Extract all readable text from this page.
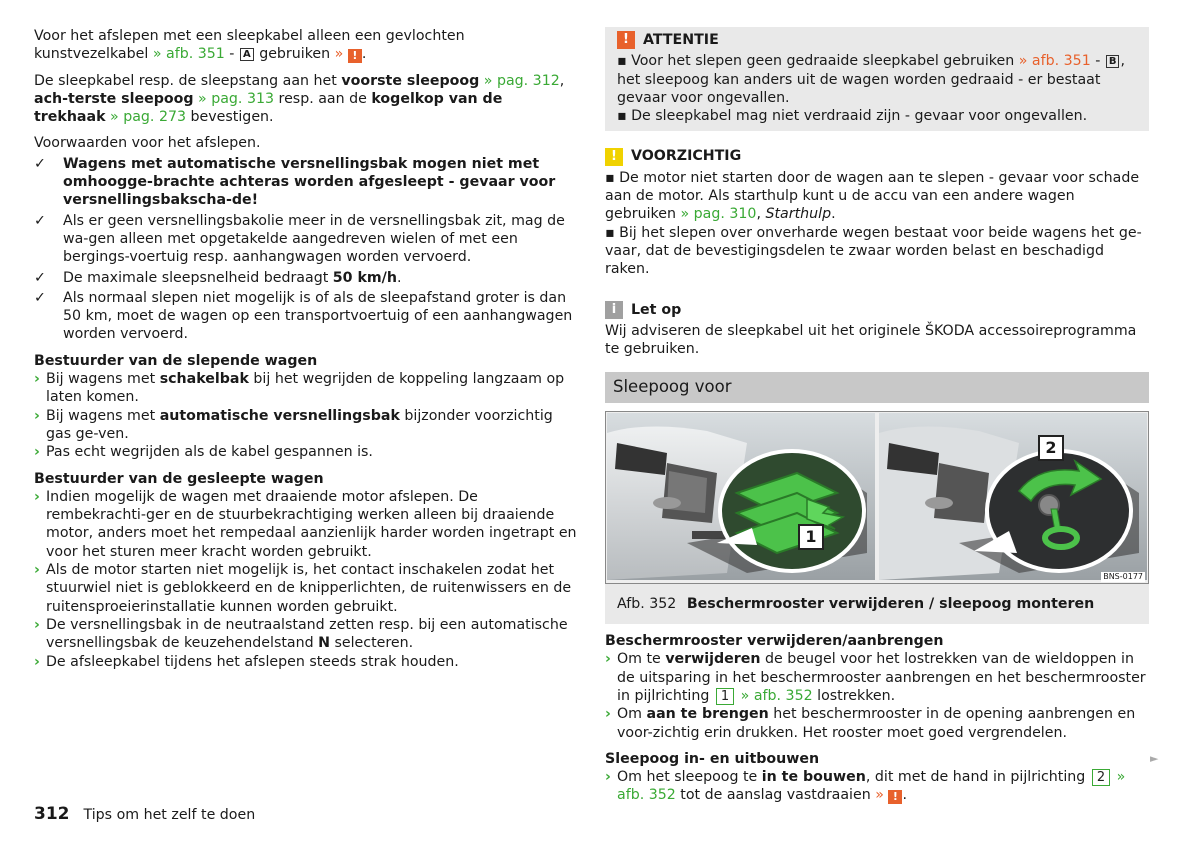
Voor het afslepen met een sleepkabel alleen een gevlochten kunstvezelkabel » afb. 351 - A gebruiken » ! .

De sleepkabel resp. de sleepstang aan het voorste sleepoog » pag. 312, ach-terste sleepoog » pag. 313 resp. aan de kogelkop van de trekhaak » pag. 273 bevestigen.

Voorwaarden voor het afslepen.

✓ Wagens met automatische versnellingsbak mogen niet met omhoogge-brachte achteras worden afgesleept - gevaar voor versnellingsbakscha-de!
✓ Als er geen versnellingsbakolie meer in de versnellingsbak zit, mag de wa-gen alleen met opgetakelde aangedreven wielen of met een bergings-voertuig resp. aanhangwagen worden vervoerd.
✓ De maximale sleepsnelheid bedraagt 50 km/h.
✓ Als normaal slepen niet mogelijk is of als de sleepafstand groter is dan 50 km, moet de wagen op een transportvoertuig of een aanhangwagen worden vervoerd.
Bestuurder van de slepende wagen
› Bij wagens met schakelbak bij het wegrijden de koppeling langzaam op laten komen.
› Bij wagens met automatische versnellingsbak bijzonder voorzichtig gas ge-ven.
› Pas echt wegrijden als de kabel gespannen is.
Bestuurder van de gesleepte wagen
› Indien mogelijk de wagen met draaiende motor afslepen. De rembekrachti-ger en de stuurbekrachtiging werken alleen bij draaiende motor, anders moet het rempedaal aanzienlijk harder worden ingetrapt en voor het sturen meer kracht worden gebruikt.
› Als de motor starten niet mogelijk is, het contact inschakelen zodat het stuurwiel niet is geblokkeerd en de knipperlichten, de ruitenwissers en de ruitensproeierinstallatie kunnen worden gebruikt.
› De versnellingsbak in de neutraalstand zetten resp. bij een automatische versnellingsbak de keuzehendelstand N selecteren.
› De afsleepkabel tijdens het afslepen steeds strak houden.
! ATTENTIE
▪ Voor het slepen geen gedraaide sleepkabel gebruiken » afb. 351 - B , het sleepoog kan anders uit de wagen worden gedraaid - er bestaat gevaar voor ongevallen.
▪ De sleepkabel mag niet verdraaid zijn - gevaar voor ongevallen.
! VOORZICHTIG
▪ De motor niet starten door de wagen aan te slepen - gevaar voor schade aan de motor. Als starthulp kunt u de accu van een andere wagen gebruiken » pag. 310, Starthulp.
▪ Bij het slepen over onverharde wegen bestaat voor beide wagens het ge-vaar, dat de bevestigingsdelen te zwaar worden belast en beschadigd raken.
i	Let op
Wij adviseren de sleepkabel uit het originele ŠKODA accessoireprogramma te gebruiken.
Sleepoog voor
1
2
BNS-0177
Afb. 352 Beschermrooster verwijderen / sleepoog monteren
Beschermrooster verwijderen/aanbrengen
› Om te verwijderen de beugel voor het lostrekken van de wieldoppen in de uitsparing in het beschermrooster aanbrengen en het beschermrooster in pijlrichting 1 » afb. 352 lostrekken.
› Om aan te brengen het beschermrooster in de opening aanbrengen en voor-zichtig erin drukken. Het rooster moet goed vergrendelen.
Sleepoog in- en uitbouwen
› Om het sleepoog te in te bouwen, dit met de hand in pijlrichting 2 » afb. 352 tot de aanslag vastdraaien » ! .
►
312 Tips om het zelf te doen
